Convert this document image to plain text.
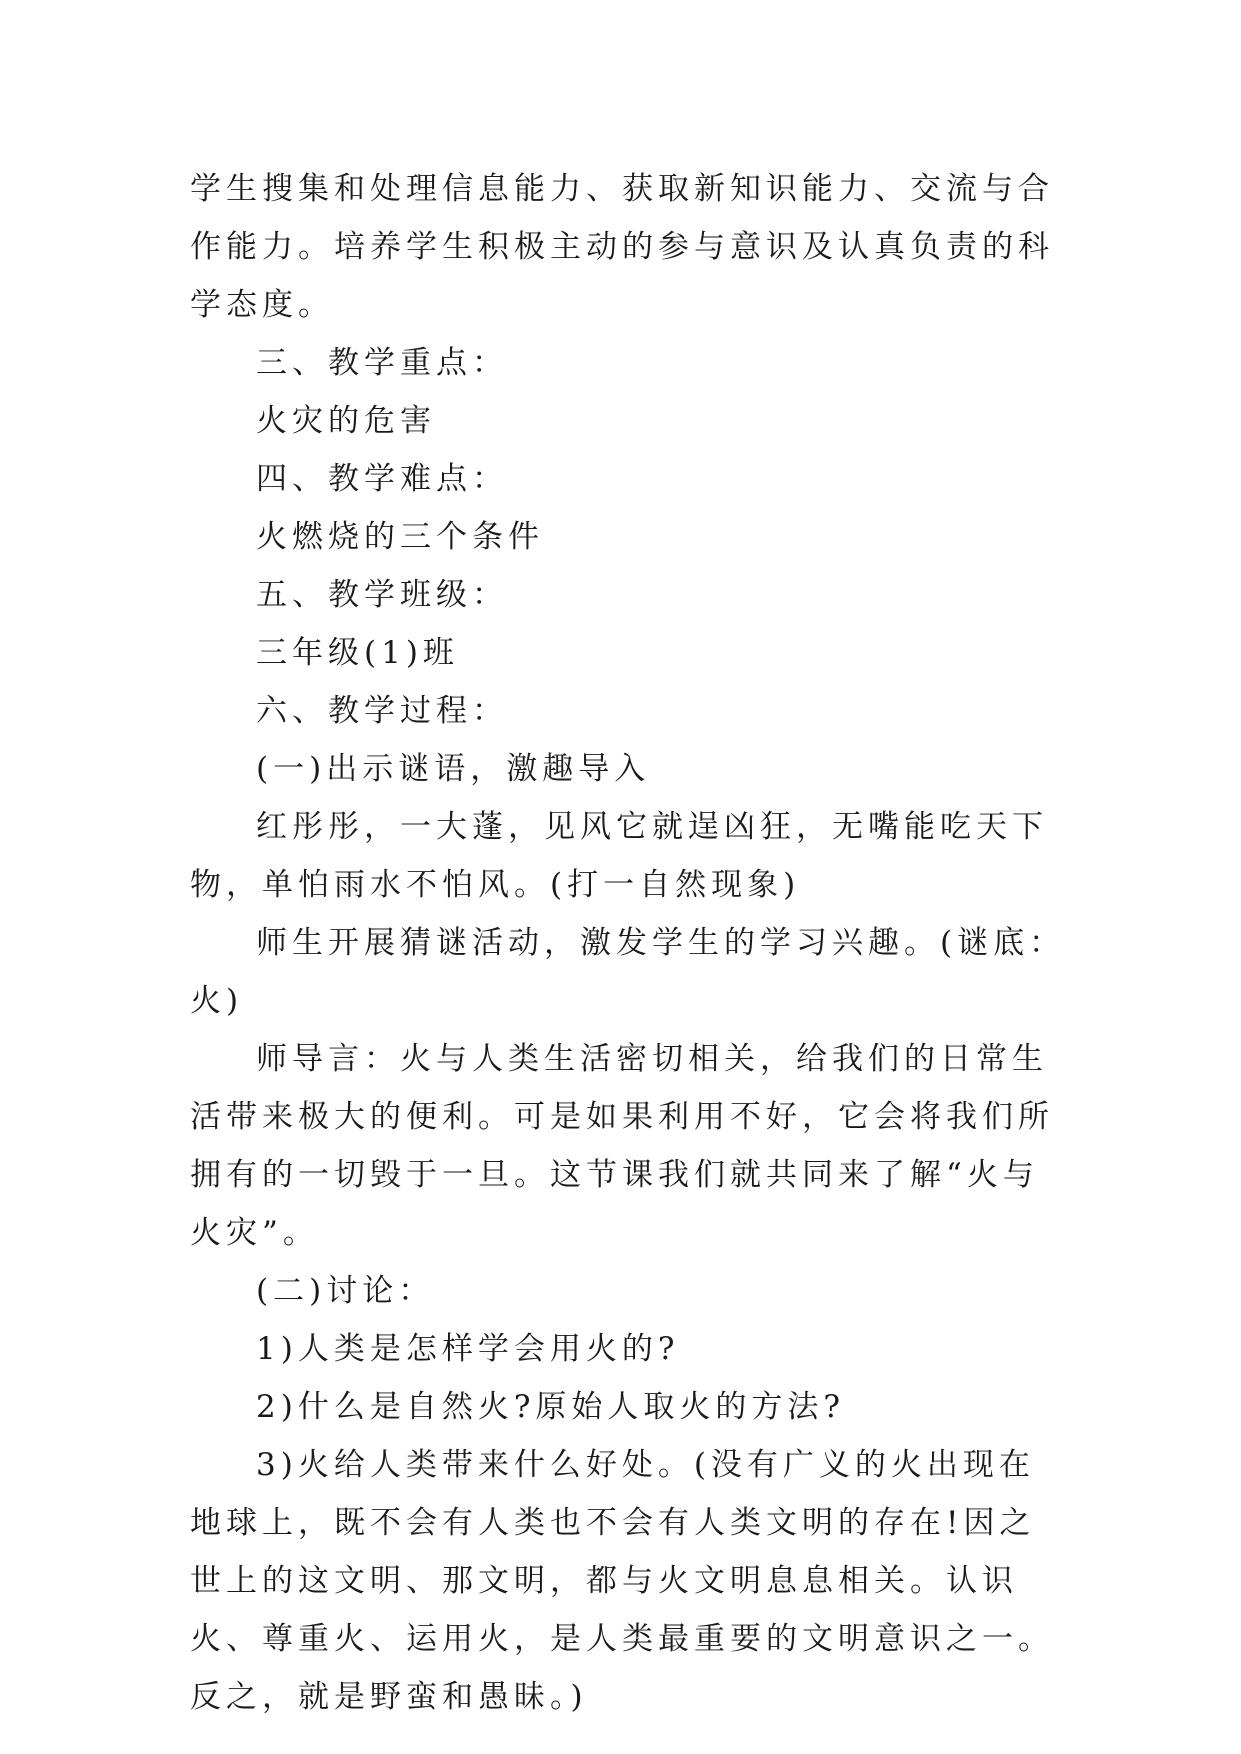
学生搜集和处理信息能力、获取新知识能力、交流与合作能力。培养学生积极主动的参与意识及认真负责的科学态度。

三、教学重点：

火灾的危害

四、教学难点：

火燃烧的三个条件

五、教学班级：

三年级(1)班

六、教学过程：

(一)出示谜语，激趣导入

红彤彤，一大蓬，见风它就逞凶狂，无嘴能吃天下物，单怕雨水不怕风。(打一自然现象)

师生开展猜谜活动，激发学生的学习兴趣。(谜底：火)

师导言：火与人类生活密切相关，给我们的日常生活带来极大的便利。可是如果利用不好，它会将我们所拥有的一切毁于一旦。这节课我们就共同来了解“火与火灾”。

(二)讨论：

1)人类是怎样学会用火的?

2)什么是自然火?原始人取火的方法?

3)火给人类带来什么好处。(没有广义的火出现在地球上，既不会有人类也不会有人类文明的存在!因之世上的这文明、那文明，都与火文明息息相关。认识火、尊重火、运用火，是人类最重要的文明意识之一。反之，就是野蛮和愚昧。)
